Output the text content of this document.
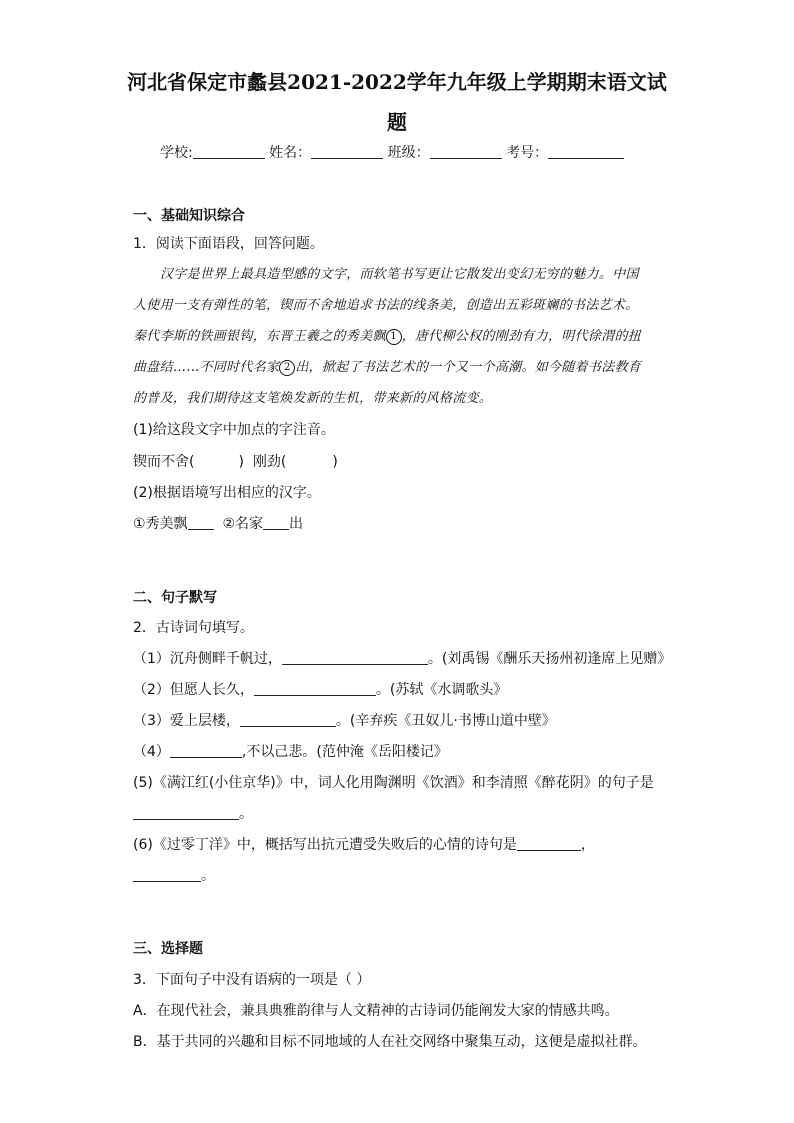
河北省保定市蠡县2021-2022学年九年级上学期期末语文试
题
学校:	姓名：	班级：	考号：
一、基础知识综合
1．阅读下面语段，回答问题。
汉字是世界上最具造型感的文字，而软笔书写更让它散发出变幻无穷的魅力。中国
人使用一支有弹性的笔，锲而不舍地追求书法的线条美，创造出五彩斑斓的书法艺术。
秦代李斯的铁画银钩，东晋王羲之的秀美飘 1 ，唐代柳公权的刚劲有力，明代徐渭的扭
曲盘结……不同时代名家 2 出，掀起了书法艺术的一个又一个高潮。如今随着书法教育
的普及，我们期待这支笔焕发新的生机，带来新的风格流变。
(1)给这段文字中加点的字注音。
锲而不舍(	) 刚劲(	)
(2)根据语境写出相应的汉字。
①秀美飘 ②名家 出
二、句子默写
2．古诗词句填写。
（1）沉舟侧畔千帆过，	。(刘禹锡《酬乐天扬州初逢席上见赠》
（2）但愿人长久，	。(苏轼《水调歌头》
（3）爱上层楼，	。(辛弃疾《丑奴儿·书博山道中壁》
（4）	,不以己悲。(范仲淹《岳阳楼记》
(5)《满江红(小住京华)》中，词人化用陶渊明《饮酒》和李清照《醉花阴》的句子是
。
(6)《过零丁洋》中，概括写出抗元遭受失败后的心情的诗句是	，
。
三、选择题
3．下面句子中没有语病的一项是（ ）
A．在现代社会，兼具典雅韵律与人文精神的古诗词仍能阐发大家的情感共鸣。
B．基于共同的兴趣和目标不同地域的人在社交网络中聚集互动，这便是虚拟社群。
